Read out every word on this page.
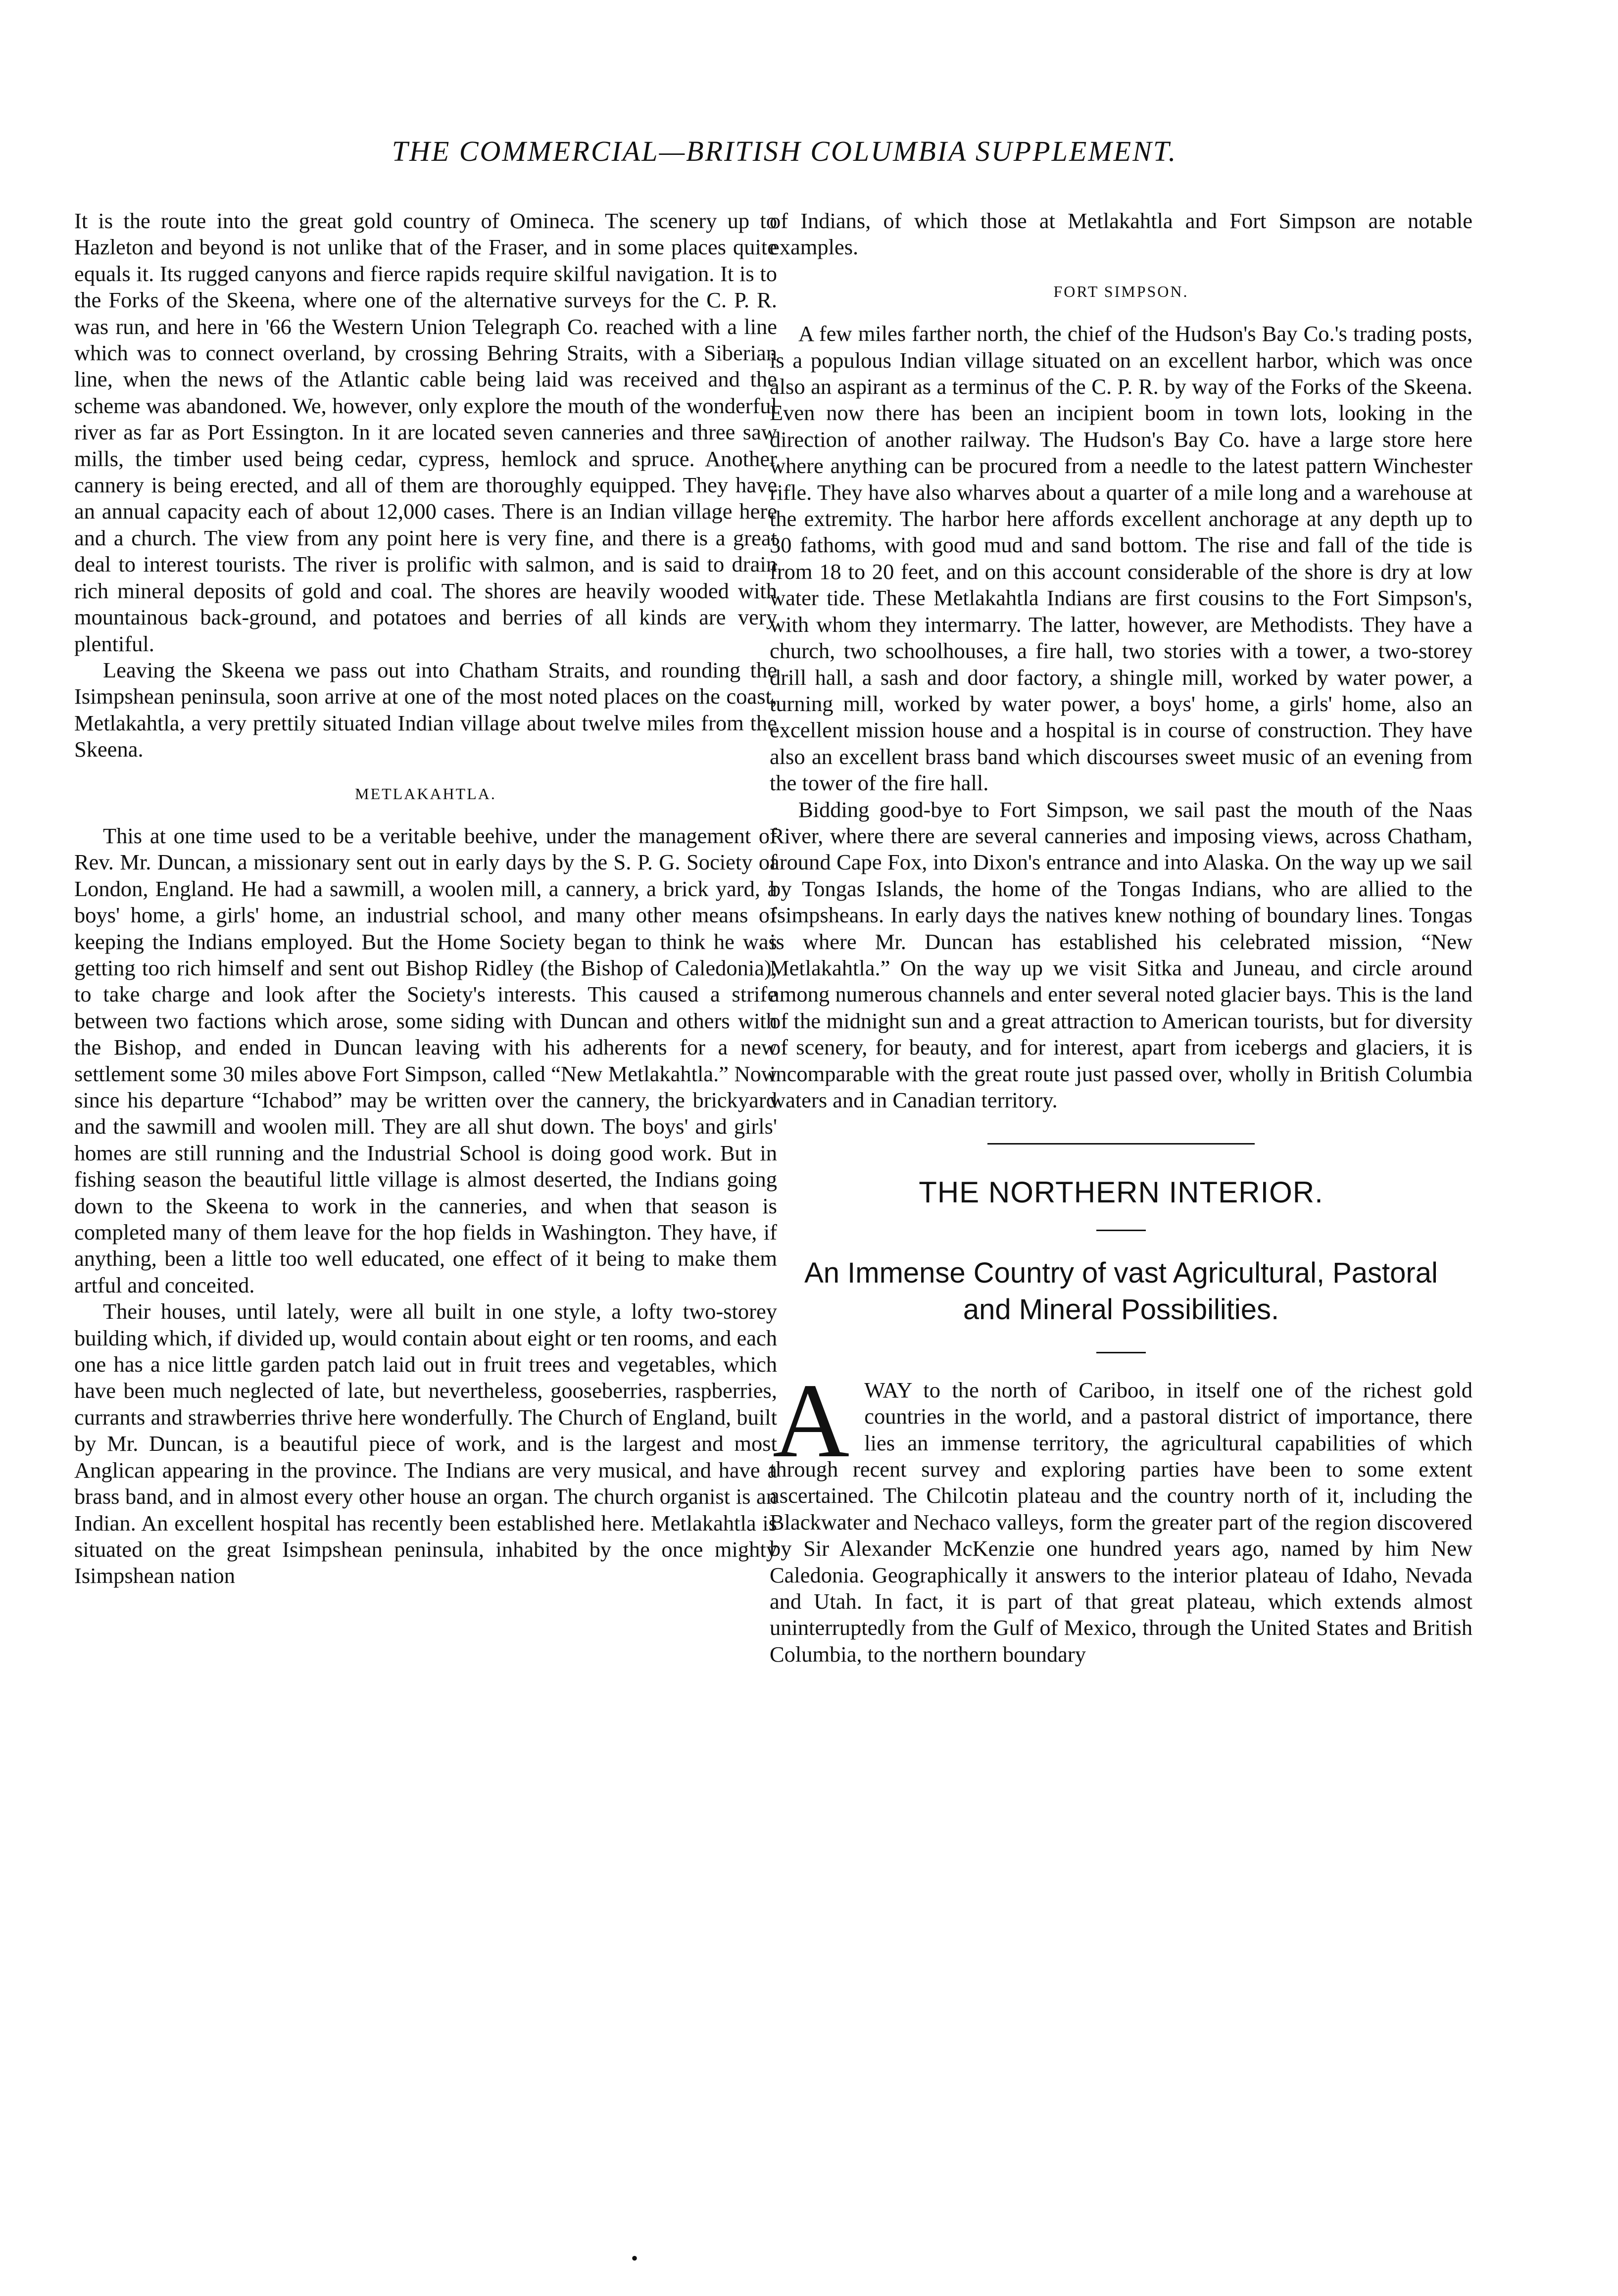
THE COMMERCIAL—BRITISH COLUMBIA SUPPLEMENT.

It is the route into the great gold country of Omineca. The scenery up to Hazleton and beyond is not unlike that of the Fraser, and in some places quite equals it. Its rugged canyons and fierce rapids require skilful navigation. It is to the Forks of the Skeena, where one of the alternative surveys for the C. P. R. was run, and here in '66 the Western Union Telegraph Co. reached with a line which was to connect overland, by crossing Behring Straits, with a Siberian line, when the news of the Atlantic cable being laid was received and the scheme was abandoned. We, however, only explore the mouth of the wonderful river as far as Port Essington. In it are located seven canneries and three saw mills, the timber used being cedar, cypress, hemlock and spruce. Another cannery is being erected, and all of them are thoroughly equipped. They have an annual capacity each of about 12,000 cases. There is an Indian village here and a church. The view from any point here is very fine, and there is a great deal to interest tourists. The river is prolific with salmon, and is said to drain rich mineral deposits of gold and coal. The shores are heavily wooded with mountainous back-ground, and potatoes and berries of all kinds are very plentiful.

Leaving the Skeena we pass out into Chatham Straits, and rounding the Isimpshean peninsula, soon arrive at one of the most noted places on the coast, Metlakahtla, a very prettily situated Indian village about twelve miles from the Skeena.

METLAKAHTLA.

This at one time used to be a veritable beehive, under the management of Rev. Mr. Duncan, a missionary sent out in early days by the S. P. G. Society of London, England. He had a sawmill, a woolen mill, a cannery, a brick yard, a boys' home, a girls' home, an industrial school, and many other means of keeping the Indians employed. But the Home Society began to think he was getting too rich himself and sent out Bishop Ridley (the Bishop of Caledonia), to take charge and look after the Society's interests. This caused a strife between two factions which arose, some siding with Duncan and others with the Bishop, and ended in Duncan leaving with his adherents for a new settlement some 30 miles above Fort Simpson, called “New Metlakahtla.” Now since his departure “Ichabod” may be written over the cannery, the brickyard and the sawmill and woolen mill. They are all shut down. The boys' and girls' homes are still running and the Industrial School is doing good work. But in fishing season the beautiful little village is almost deserted, the Indians going down to the Skeena to work in the canneries, and when that season is completed many of them leave for the hop fields in Washington. They have, if anything, been a little too well educated, one effect of it being to make them artful and conceited.

Their houses, until lately, were all built in one style, a lofty two-storey building which, if divided up, would contain about eight or ten rooms, and each one has a nice little garden patch laid out in fruit trees and vegetables, which have been much neglected of late, but nevertheless, gooseberries, raspberries, currants and strawberries thrive here wonderfully. The Church of England, built by Mr. Duncan, is a beautiful piece of work, and is the largest and most Anglican appearing in the province. The Indians are very musical, and have a brass band, and in almost every other house an organ. The church organist is an Indian. An excellent hospital has recently been established here. Metlakahtla is situated on the great Isimpshean peninsula, inhabited by the once mighty Isimpshean nation

of Indians, of which those at Metlakahtla and Fort Simpson are notable examples.

FORT SIMPSON.

A few miles farther north, the chief of the Hudson's Bay Co.'s trading posts, is a populous Indian village situated on an excellent harbor, which was once also an aspirant as a terminus of the C. P. R. by way of the Forks of the Skeena. Even now there has been an incipient boom in town lots, looking in the direction of another railway. The Hudson's Bay Co. have a large store here where anything can be procured from a needle to the latest pattern Winchester rifle. They have also wharves about a quarter of a mile long and a warehouse at the extremity. The harbor here affords excellent anchorage at any depth up to 30 fathoms, with good mud and sand bottom. The rise and fall of the tide is from 18 to 20 feet, and on this account considerable of the shore is dry at low water tide. These Metlakahtla Indians are first cousins to the Fort Simpson's, with whom they intermarry. The latter, however, are Methodists. They have a church, two schoolhouses, a fire hall, two stories with a tower, a two-storey drill hall, a sash and door factory, a shingle mill, worked by water power, a turning mill, worked by water power, a boys' home, a girls' home, also an excellent mission house and a hospital is in course of construction. They have also an excellent brass band which discourses sweet music of an evening from the tower of the fire hall.

Bidding good-bye to Fort Simpson, we sail past the mouth of the Naas River, where there are several canneries and imposing views, across Chatham, around Cape Fox, into Dixon's entrance and into Alaska. On the way up we sail by Tongas Islands, the home of the Tongas Indians, who are allied to the Isimpsheans. In early days the natives knew nothing of boundary lines. Tongas is where Mr. Duncan has established his celebrated mission, “New Metlakahtla.” On the way up we visit Sitka and Juneau, and circle around among numerous channels and enter several noted glacier bays. This is the land of the midnight sun and a great attraction to American tourists, but for diversity of scenery, for beauty, and for interest, apart from icebergs and glaciers, it is incomparable with the great route just passed over, wholly in British Columbia waters and in Canadian territory.

THE NORTHERN INTERIOR.
An Immense Country of vast Agricultural, Pastoral and Mineral Possibilities.

AWAY to the north of Cariboo, in itself one of the richest gold countries in the world, and a pastoral district of importance, there lies an immense territory, the agricultural capabilities of which through recent survey and exploring parties have been to some extent ascertained. The Chilcotin plateau and the country north of it, including the Blackwater and Nechaco valleys, form the greater part of the region discovered by Sir Alexander McKenzie one hundred years ago, named by him New Caledonia. Geographically it answers to the interior plateau of Idaho, Nevada and Utah. In fact, it is part of that great plateau, which extends almost uninterruptedly from the Gulf of Mexico, through the United States and British Columbia, to the northern boundary

•
